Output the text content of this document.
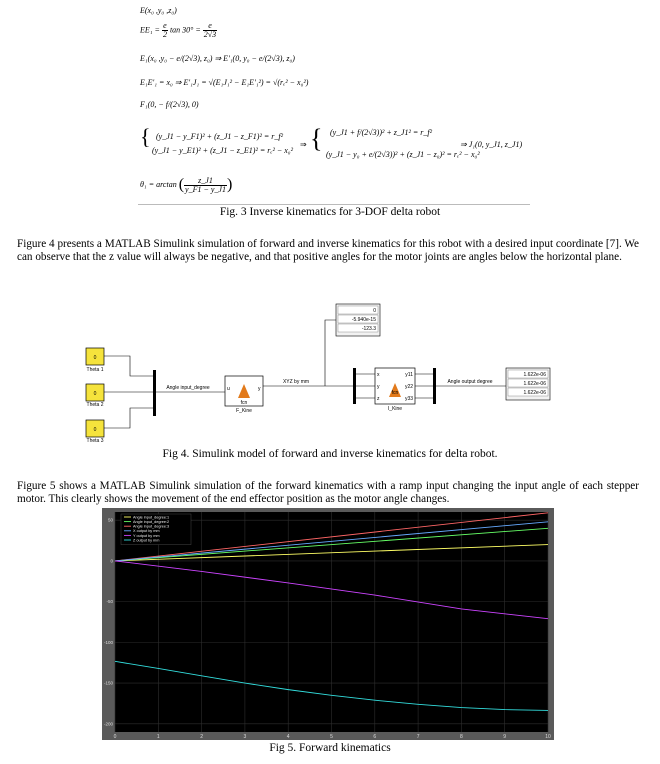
E(x₀ ,y₀ ,z₀)
$EE_1 = \frac{e}{2}$ $\tan 30^\circ = \frac{e}{2√3}$
E₁(x₀ ,y₀ − e/(2√3), z₀) ⇒ E'₁(0, y₀ − e/(2√3), z₀)
E₁E'₁ = x₀ ⇒ E'₁J₁ = √(E₁J₁² − E₁E'₁²) = √(rₑ² − x₀²)
F₁(0, − f/(2√3), 0)
{ (y_J1 − y_F1)² + (z_J1 − z_F1)² = r_f²
(y_J1 − y_E1)² + (z_J1 − z_E1)² = rₑ² − x₀²
⇒ { (y_J1 + f/(2√3))² + z_J1² = r_f²
(y_J1 − y₀ + e/(2√3))² + (z_J1 − z₀)² = rₑ² − x₀²
⇒ J₁(0, y_J1, z_J1)
θ₁ = arctan ( $\frac{z\_J1}{y\_F1 - y\_J1}$ )
Fig. 3 Inverse kinematics for 3-DOF delta robot
Figure 4 presents a MATLAB Simulink simulation of forward and inverse kinematics for this robot with a desired input coordinate [7]. We can observe that the z value will always be negative, and that positive angles for the motor joints are angles below the horizontal plane.
0
0
0
Theta 1
Theta 2
Theta 3
Angle input_degree	u	y
fcn
F_Kine
XYZ by mm
0
-5.940e-15
-123.3
x
y
z
y11
y22
y33
fcn
I_Kine
Angle output degree
1.622e-06
1.622e-06
1.622e-06
Fig 4. Simulink model of forward and inverse kinematics for delta robot.
Figure 5 shows a MATLAB Simulink simulation of the forward kinematics with a ramp input changing the input angle of each stepper motor. This clearly shows the movement of the end effector position as the motor angle changes.
0	1	2	3	4	5	6	7	8	9	10
50
0
-50
-100
-150
-200
Angle input_degree:1
Angle input_degree:2
Angle input_degree:3
X output by mm
Y output by mm
Z output by mm
Fig 5. Forward kinematics
